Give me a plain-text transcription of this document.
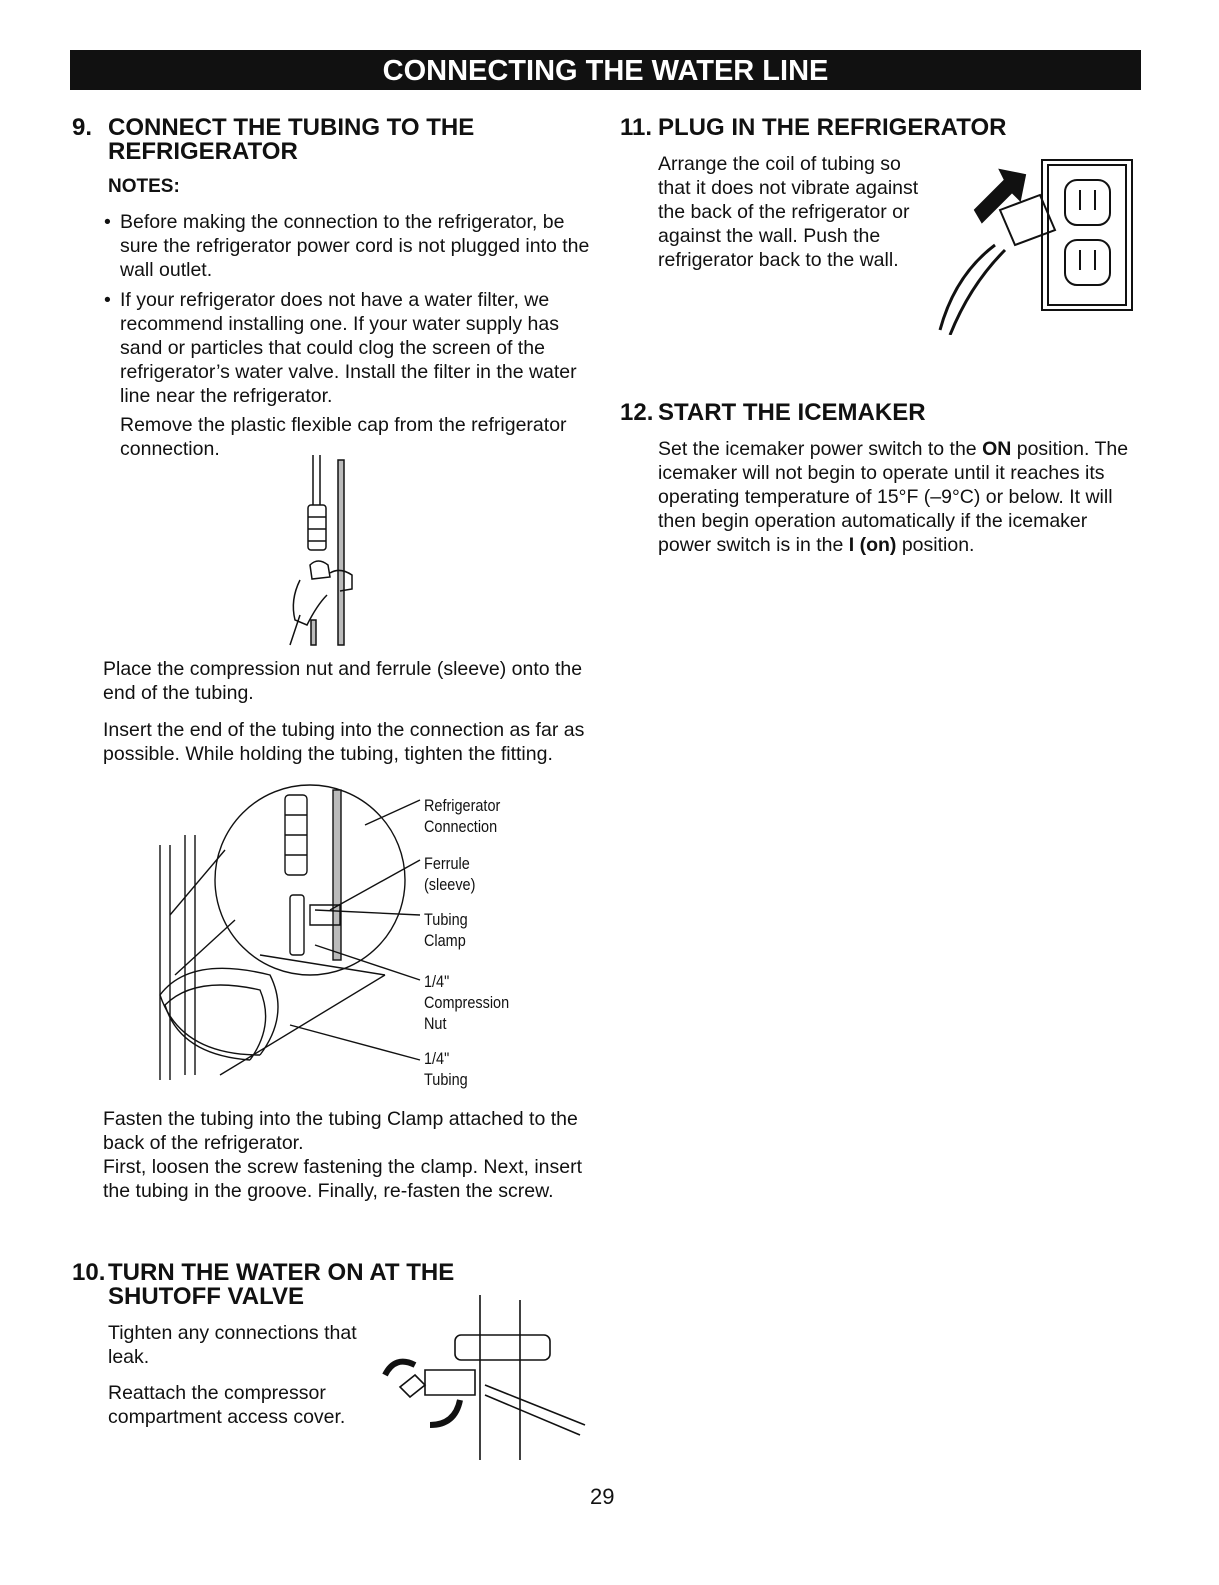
CONNECTING THE WATER LINE
9. CONNECT THE TUBING TO THE
REFRIGERATOR
NOTES:
• Before making the connection to the refrigerator, be sure the refrigerator power cord is not plugged into the wall outlet.
• If your refrigerator does not have a water filter, we recommend installing one. If your water supply has sand or particles that could clog the screen of the refrigerator’s water valve. Install the filter in the water line near the refrigerator.
Remove the plastic flexible cap from the refrigerator connection.
Place the compression nut and ferrule (sleeve) onto the end of the tubing.
Insert the end of the tubing into the connection as far as possible. While holding the tubing, tighten the fitting.
Refrigerator
Connection
Ferrule
(sleeve)
Tubing
Clamp
1/4"
Compression
Nut
1/4"
Tubing
Fasten the tubing into the tubing Clamp attached to the back of the refrigerator.
First, loosen the screw fastening the clamp. Next, insert the tubing in the groove. Finally, re-fasten the screw.
10. TURN THE WATER ON AT THE
SHUTOFF VALVE
Tighten any connections that leak.
Reattach the compressor compartment access cover.
11. PLUG IN THE REFRIGERATOR
Arrange the coil of tubing so that it does not vibrate against the back of the refrigerator or against the wall. Push the refrigerator back to the wall.
12. START THE ICEMAKER
Set the icemaker power switch to the ON position. The icemaker will not begin to operate until it reaches its operating temperature of 15°F (–9°C) or below. It will then begin operation automatically if the icemaker power switch is in the I (on) position.
29
